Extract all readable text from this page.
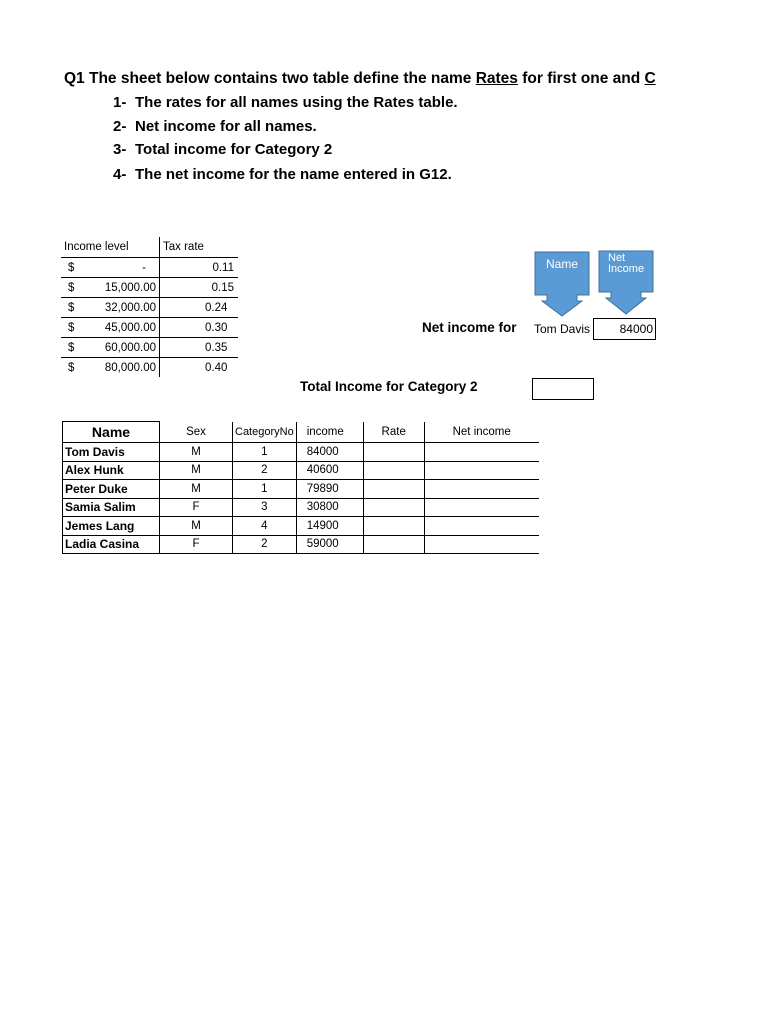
Q1 The sheet below contains two table define the name Rates for first one and C
1- The rates for all names using the Rates table.
2- Net income for all names.
3- Total income for Category 2
4- The net income for the name entered in G12.
Income level	Tax rate

$ -	0.11

$ 15,000.00	0.15

$ 32,000.00	0.24

$ 45,000.00	0.30

$ 60,000.00	0.35

$ 80,000.00	0.40
Name	Net
Income
Net income for Tom Davis	84000
Total Income for Category 2
Name	Sex	CategoryNo	income	Rate	Net income
Tom Davis	M	1	84000		
Alex Hunk	M	2	40600		
Peter Duke	M	1	79890		
Samia Salim	F	3	30800		
Jemes Lang	M	4	14900		
Ladia Casina	F	2	59000		
